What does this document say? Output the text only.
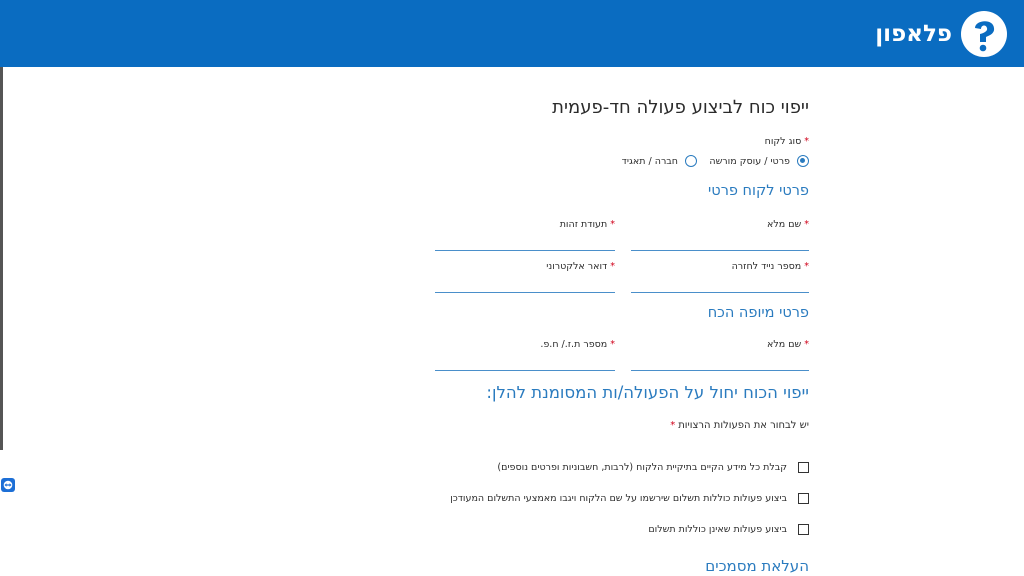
פלאפון
ייפוי כוח לביצוע פעולה חד-פעמית
*סוג לקוח
פרטי / עוסק מורשה
חברה / תאגיד
פרטי לקוח פרטי
*שם מלא
*תעודת זהות
*מספר נייד לחזרה
*דואר אלקטרוני
פרטי מיופה הכח
*שם מלא
*מספר ת.ז./ ח.פ.
ייפוי הכוח יחול על הפעולה/ות המסומנת להלן:
יש לבחור את הפעולות הרצויות*
קבלת כל מידע הקיים בתיקיית הלקוח (לרבות, חשבוניות ופרטים נוספים)
ביצוע פעולות כוללות תשלום שירשמו על שם הלקוח ויגבו מאמצעי התשלום המעודכן
ביצוע פעולות שאינן כוללות תשלום
העלאת מסמכים
